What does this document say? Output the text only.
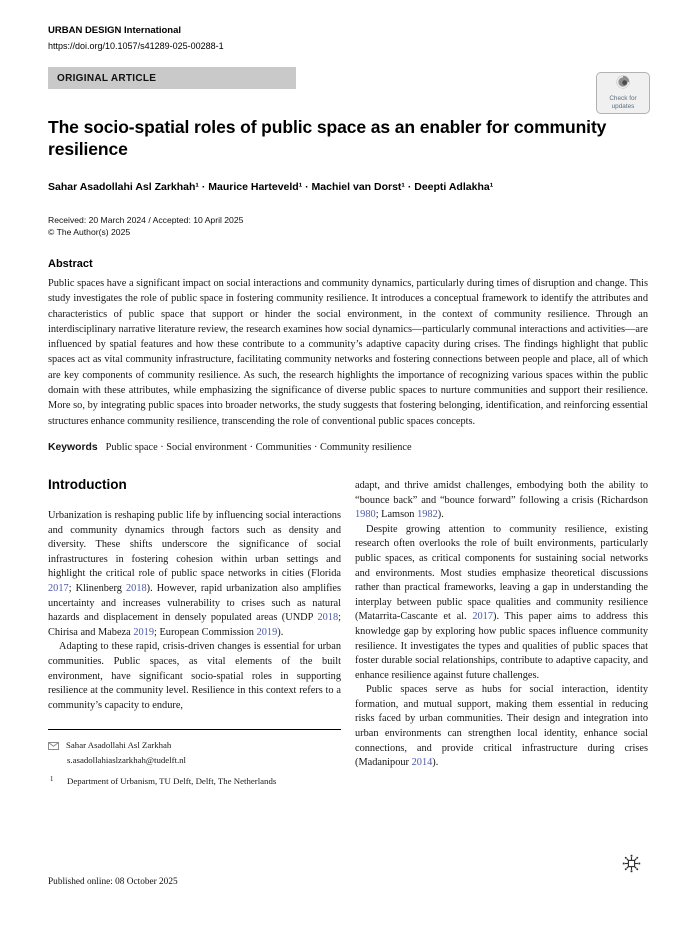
URBAN DESIGN International
https://doi.org/10.1057/s41289-025-00288-1
ORIGINAL ARTICLE
Check for
updates
The socio-spatial roles of public space as an enabler for community resilience
Sahar Asadollahi Asl Zarkhah¹ · Maurice Harteveld¹ · Machiel van Dorst¹ · Deepti Adlakha¹
Received: 20 March 2024 / Accepted: 10 April 2025
© The Author(s) 2025
Abstract
Public spaces have a significant impact on social interactions and community dynamics, particularly during times of disruption and change. This study investigates the role of public space in fostering community resilience. It introduces a conceptual framework to identify the attributes and characteristics of public space that support or hinder the social environment, in the context of community resilience. Through an interdisciplinary narrative literature review, the research examines how social dynamics—particularly communal interactions and activities—are influenced by spatial features and how these contribute to a community’s adaptive capacity during crises. The findings highlight that public spaces act as vital community infrastructure, facilitating community networks and fostering connections between people and place, all of which are key components of community resilience. As such, the research highlights the importance of recognizing various spaces within the public domain with these attributes, while emphasizing the significance of diverse public spaces to nurture communities and support their resilience. More so, by integrating public spaces into broader networks, the study suggests that fostering belonging, identification, and reinforcing essential structures enhance community resilience, transcending the role of conventional public spaces concepts.
Keywords Public space · Social environment · Communities · Community resilience
Introduction

Urbanization is reshaping public life by influencing social interactions and community dynamics through factors such as density and diversity. These shifts underscore the significance of social infrastructures in fostering cohesion within urban settings and highlight the critical role of public space networks in cities (Florida 2017; Klinenberg 2018). However, rapid urbanization also amplifies uncertainty and increases vulnerability to crises such as natural hazards and displacement in densely populated areas (UNDP 2018; Chirisa and Mabeza 2019; European Commission 2019).

Adapting to these rapid, crisis-driven changes is essential for urban communities. Public spaces, as vital elements of the built environment, have significant socio-spatial roles in supporting resilience at the community level. Resilience in this context refers to a community’s capacity to endure,

Sahar Asadollahi Asl Zarkhah
s.asadollahiaslzarkhah@tudelft.nl
1	Department of Urbanism, TU Delft, Delft, The Netherlands

adapt, and thrive amidst challenges, embodying both the ability to “bounce back” and “bounce forward” following a crisis (Richardson 1980; Lamson 1982).

Despite growing attention to community resilience, existing research often overlooks the role of built environments, particularly public spaces, as critical components for sustaining social networks and environments. Most studies emphasize theoretical discussions rather than practical frameworks, leaving a gap in understanding the interplay between public space qualities and community resilience (Matarrita-Cascante et al. 2017). This paper aims to address this knowledge gap by exploring how public spaces influence community resilience. It investigates the types and qualities of public spaces that foster durable social relationships, contribute to adaptive capacity, and enhance resilience against future challenges.

Public spaces serve as hubs for social interaction, identity formation, and mutual support, making them essential in reducing risks faced by urban communities. Their design and integration into urban environments can strengthen local identity, enhance social connections, and provide critical infrastructure during crises (Madanipour 2014).

Published online: 08 October 2025
